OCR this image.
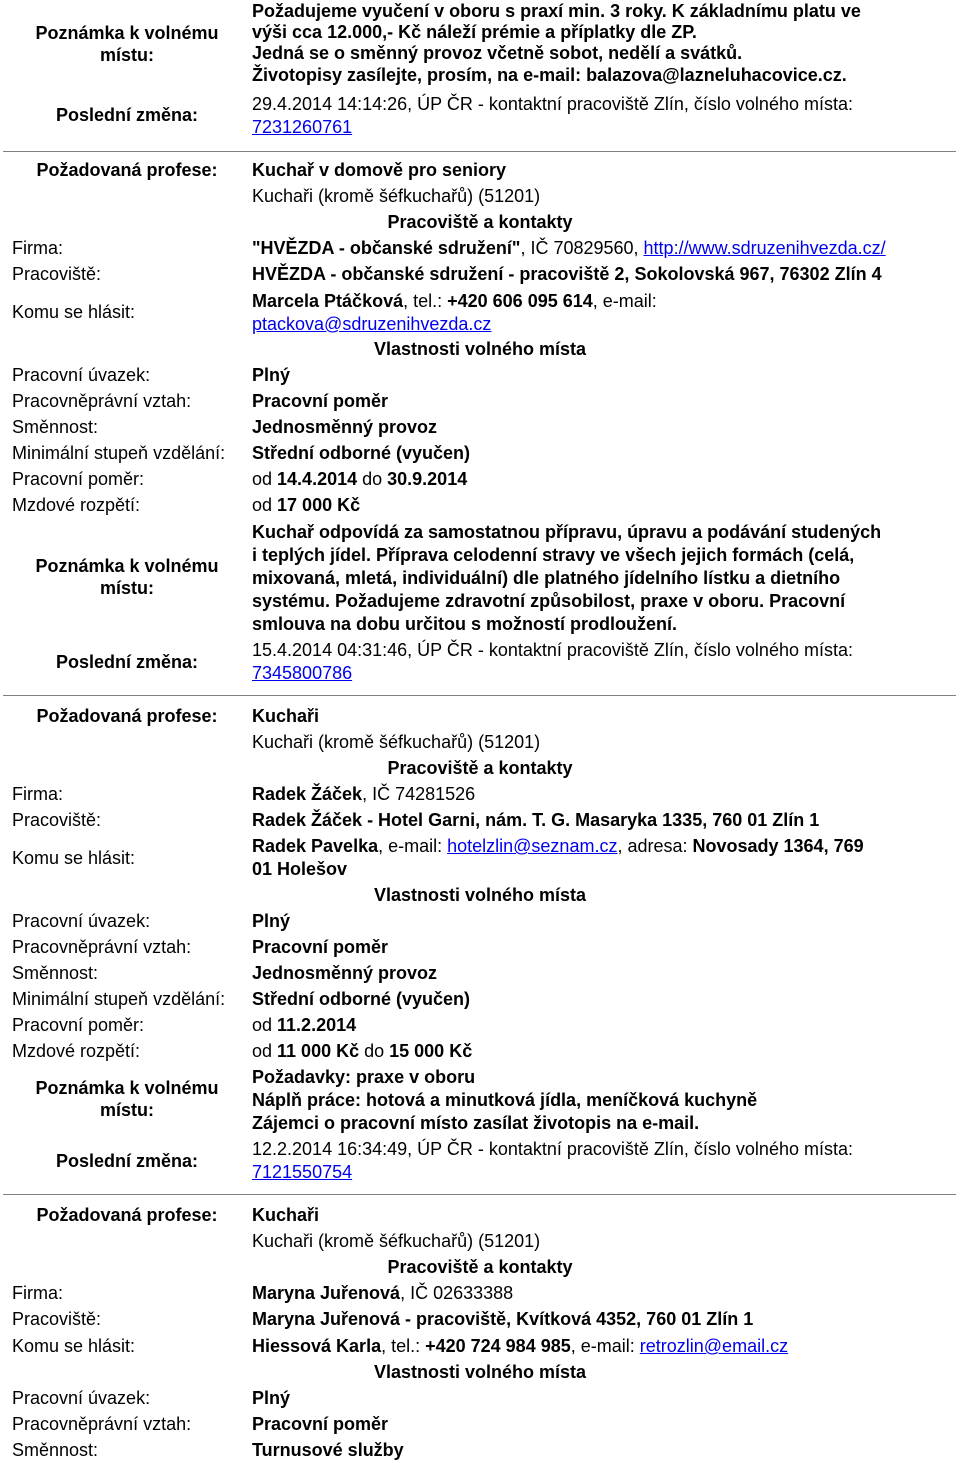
Poznámka k volnému místu:
Požadujeme vyučení v oboru s praxí min. 3 roky. K základnímu platu ve
výši cca 12.000,- Kč náleží prémie a příplatky dle ZP.
Jedná se o směnný provoz včetně sobot, nedělí a svátků.
Životopisy zasílejte, prosím, na e-mail: balazova@lazneluhacovice.cz.
Poslední změna:
29.4.2014 14:14:26, ÚP ČR - kontaktní pracoviště Zlín, číslo volného místa:
7231260761
Požadovaná profese:	Kuchař v domově pro seniory
Kuchaři (kromě šéfkuchařů) (51201)
Pracoviště a kontakty
Firma:	"HVĚZDA - občanské sdružení", IČ 70829560, http://www.sdruzenihvezda.cz/
Pracoviště:	HVĚZDA - občanské sdružení - pracoviště 2, Sokolovská 967, 76302 Zlín 4
Komu se hlásit:
Marcela Ptáčková, tel.: +420 606 095 614, e-mail:
ptackova@sdruzenihvezda.cz
Vlastnosti volného místa
Pracovní úvazek:	Plný
Pracovněprávní vztah:	Pracovní poměr
Směnnost:	Jednosměnný provoz
Minimální stupeň vzdělání: Střední odborné (vyučen)
Pracovní poměr:	od 14.4.2014 do 30.9.2014
Mzdové rozpětí:	od 17 000 Kč
Poznámka k volnému místu:
Kuchař odpovídá za samostatnou přípravu, úpravu a podávání studených
i teplých jídel. Příprava celodenní stravy ve všech jejich formách (celá,
mixovaná, mletá, individuální) dle platného jídelního lístku a dietního
systému. Požadujeme zdravotní způsobilost, praxe v oboru. Pracovní
smlouva na dobu určitou s možností prodloužení.
Poslední změna:
15.4.2014 04:31:46, ÚP ČR - kontaktní pracoviště Zlín, číslo volného místa:
7345800786
Požadovaná profese:	Kuchaři
Kuchaři (kromě šéfkuchařů) (51201)
Pracoviště a kontakty
Firma:	Radek Žáček, IČ 74281526
Pracoviště:	Radek Žáček - Hotel Garni, nám. T. G. Masaryka 1335, 760 01 Zlín 1
Komu se hlásit:
Radek Pavelka, e-mail: hotelzlin@seznam.cz, adresa: Novosady 1364, 769
01 Holešov
Vlastnosti volného místa
Pracovní úvazek:	Plný
Pracovněprávní vztah:	Pracovní poměr
Směnnost:	Jednosměnný provoz
Minimální stupeň vzdělání: Střední odborné (vyučen)
Pracovní poměr:	od 11.2.2014
Mzdové rozpětí:	od 11 000 Kč do 15 000 Kč
Poznámka k volnému místu:
Požadavky: praxe v oboru
Náplň práce: hotová a minutková jídla, meníčková kuchyně
Zájemci o pracovní místo zasílat životopis na e-mail.
Poslední změna:
12.2.2014 16:34:49, ÚP ČR - kontaktní pracoviště Zlín, číslo volného místa:
7121550754
Požadovaná profese:	Kuchaři
Kuchaři (kromě šéfkuchařů) (51201)
Pracoviště a kontakty
Firma:	Maryna Juřenová, IČ 02633388
Pracoviště:	Maryna Juřenová - pracoviště, Kvítková 4352, 760 01 Zlín 1
Komu se hlásit:	Hiessová Karla, tel.: +420 724 984 985, e-mail: retrozlin@email.cz
Vlastnosti volného místa
Pracovní úvazek:	Plný
Pracovněprávní vztah:	Pracovní poměr
Směnnost:	Turnusové služby
